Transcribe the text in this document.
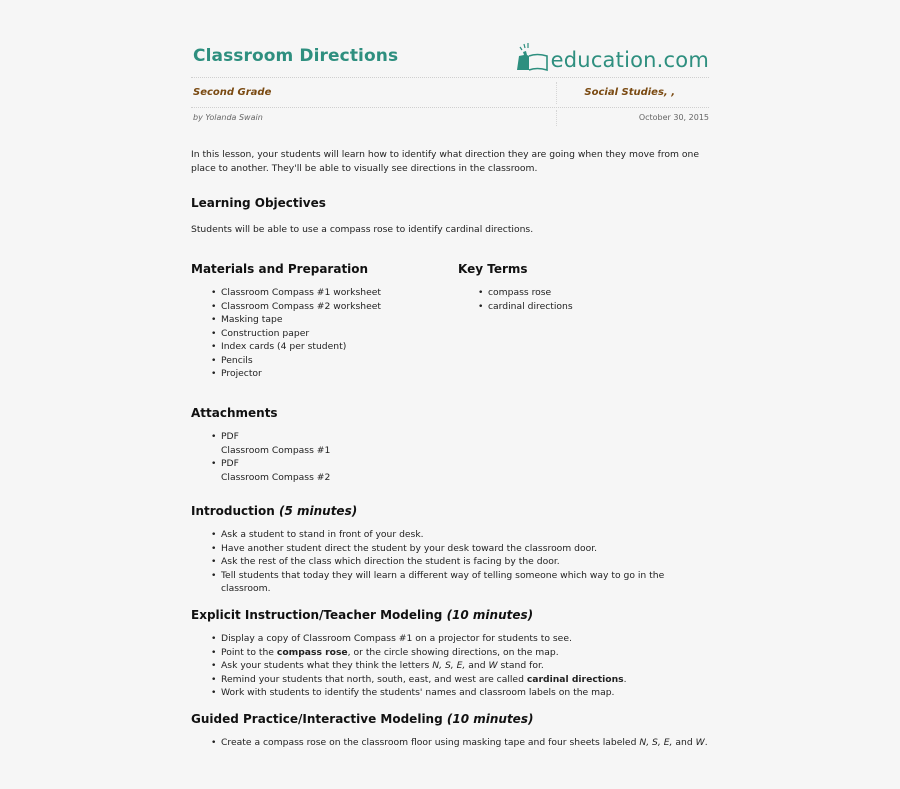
Classroom Directions	education.com
Second Grade	Social Studies, ,
by Yolanda Swain	October 30, 2015

In this lesson, your students will learn how to identify what direction they are going when they move from one place to another. They'll be able to visually see directions in the classroom.

Learning Objectives

Students will be able to use a compass rose to identify cardinal directions.

Materials and Preparation
• Classroom Compass #1 worksheet
• Classroom Compass #2 worksheet
• Masking tape
• Construction paper
• Index cards (4 per student)
• Pencils
• Projector
Key Terms
• compass rose
• cardinal directions
Attachments
• PDF
Classroom Compass #1
• PDF
Classroom Compass #2
Introduction (5 minutes)
• Ask a student to stand in front of your desk.
• Have another student direct the student by your desk toward the classroom door.
• Ask the rest of the class which direction the student is facing by the door.
• Tell students that today they will learn a different way of telling someone which way to go in the classroom.
Explicit Instruction/Teacher Modeling (10 minutes)
• Display a copy of Classroom Compass #1 on a projector for students to see.
• Point to the compass rose, or the circle showing directions, on the map.
• Ask your students what they think the letters N, S, E, and W stand for.
• Remind your students that north, south, east, and west are called cardinal directions.
• Work with students to identify the students' names and classroom labels on the map.
Guided Practice/Interactive Modeling (10 minutes)
• Create a compass rose on the classroom floor using masking tape and four sheets labeled N, S, E, and W.
